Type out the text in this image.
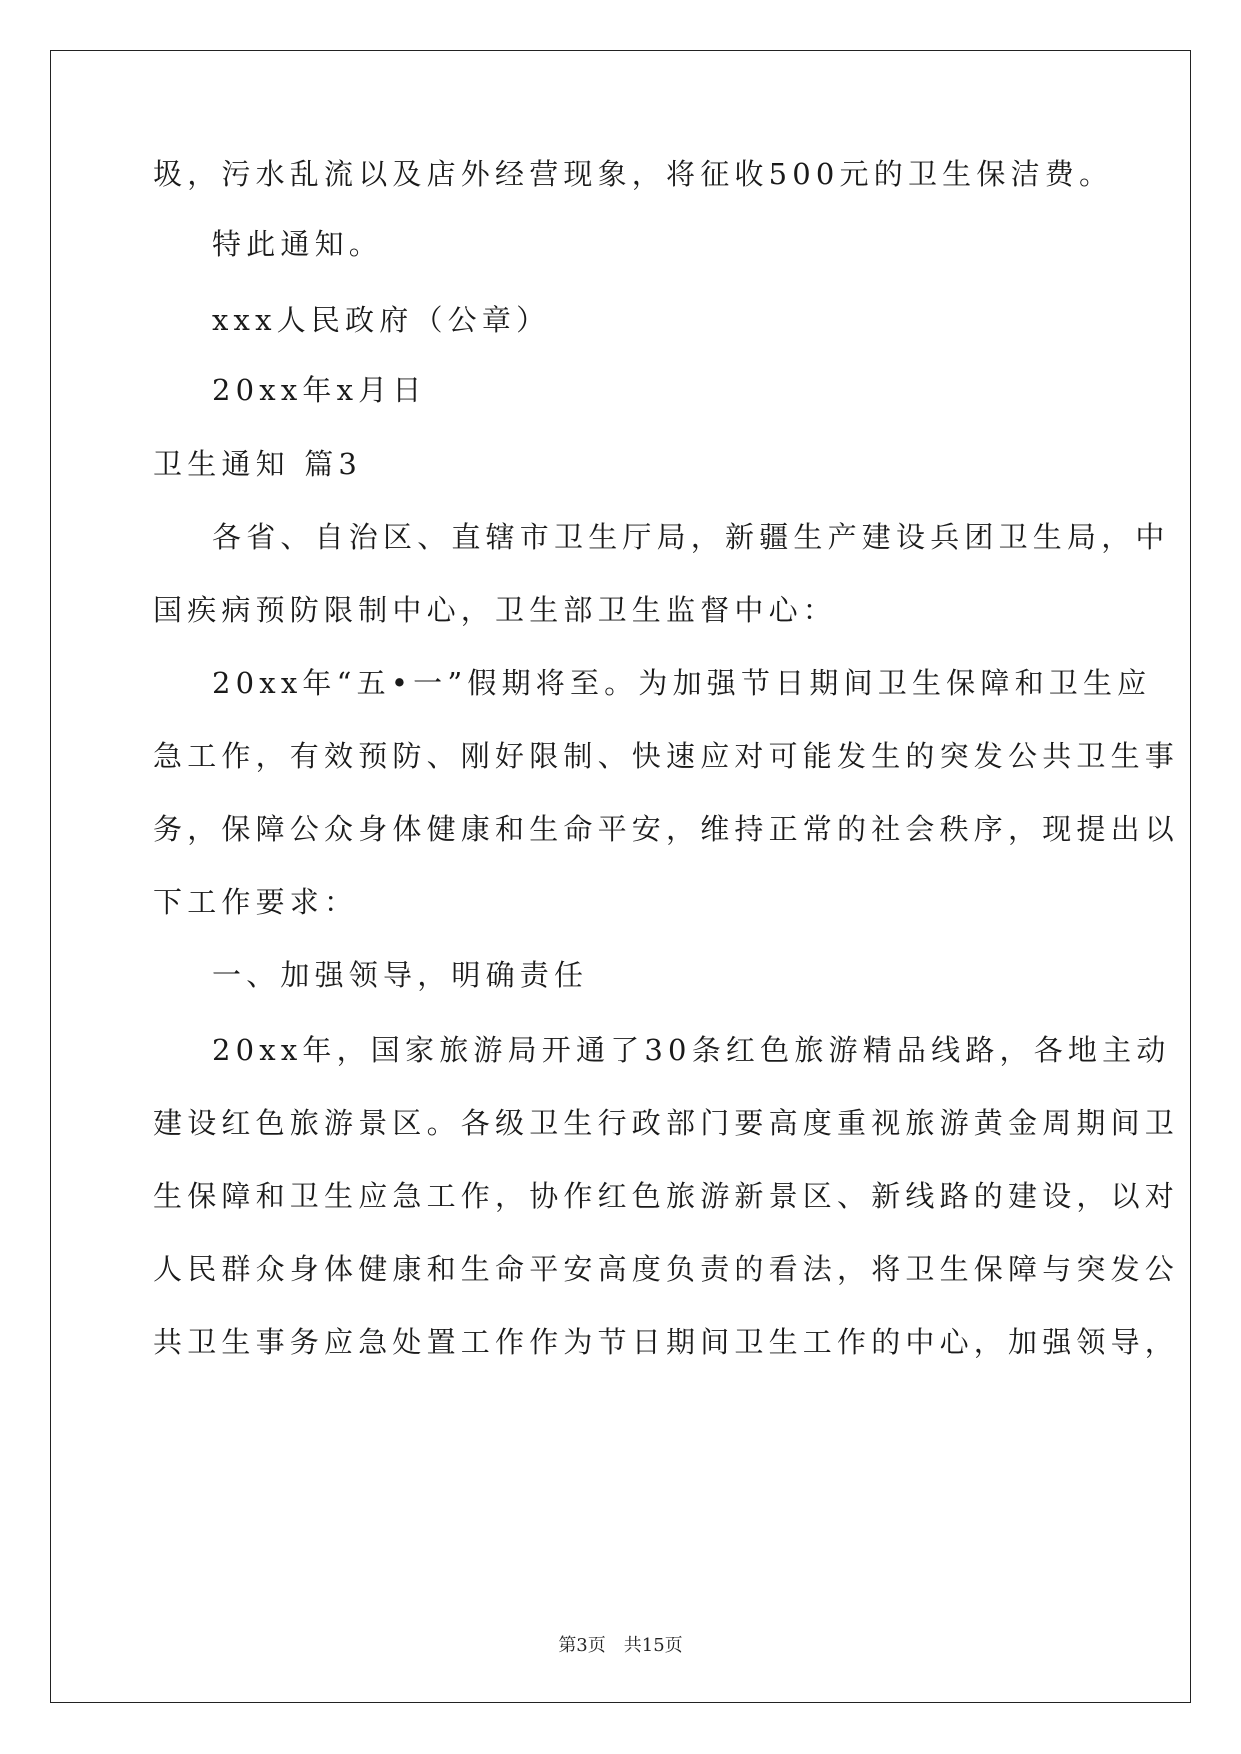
圾，污水乱流以及店外经营现象，将征收500元的卫生保洁费。

特此通知。

xxx人民政府（公章）

20xx年x月日

卫生通知 篇3

各省、自治区、直辖市卫生厅局，新疆生产建设兵团卫生局，中

国疾病预防限制中心，卫生部卫生监督中心：

20xx年“五•一”假期将至。为加强节日期间卫生保障和卫生应

急工作，有效预防、刚好限制、快速应对可能发生的突发公共卫生事

务，保障公众身体健康和生命平安，维持正常的社会秩序，现提出以

下工作要求：

一、加强领导，明确责任

20xx年，国家旅游局开通了30条红色旅游精品线路，各地主动

建设红色旅游景区。各级卫生行政部门要高度重视旅游黄金周期间卫

生保障和卫生应急工作，协作红色旅游新景区、新线路的建设，以对

人民群众身体健康和生命平安高度负责的看法，将卫生保障与突发公

共卫生事务应急处置工作作为节日期间卫生工作的中心，加强领导，

第3页　共15页
